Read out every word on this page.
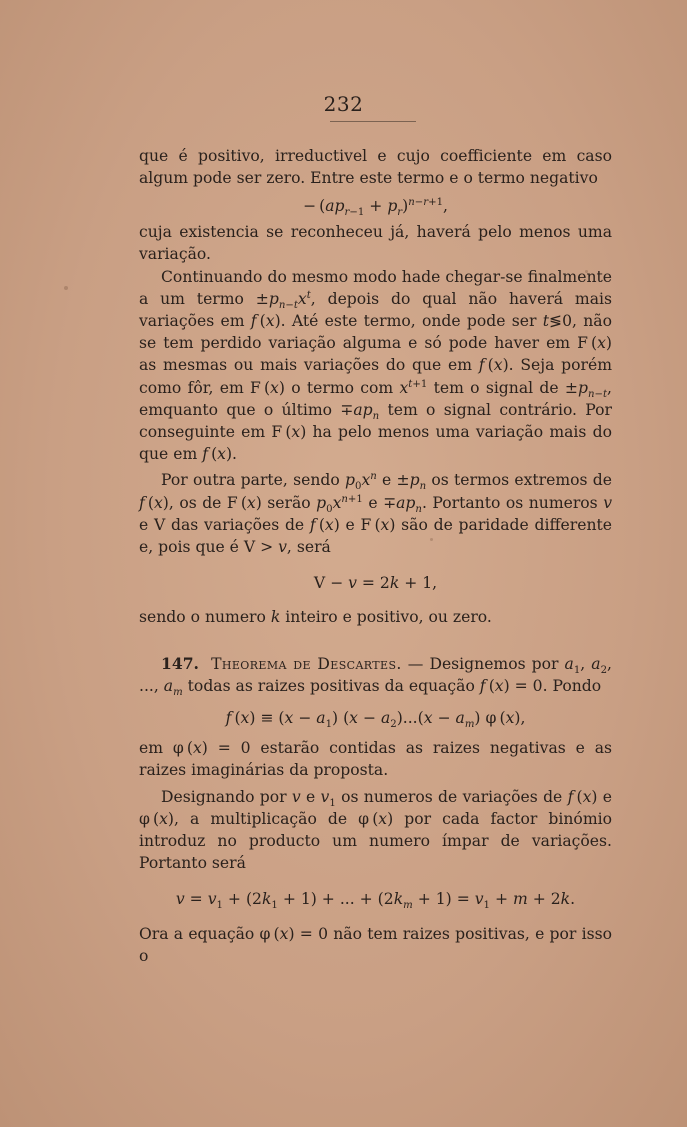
232

que é positivo, irreductivel e cujo coefficiente em caso algum pode ser zero. Entre este termo e o termo negativo

− $(ap_{r-1} + p_r)^{n-r+1}$,

cuja existencia se reconheceu já, haverá pelo menos uma variação.

Continuando do mesmo modo hade chegar-se finalmente a um termo $\pm p_{n-t}x^t$, depois do qual não haverá mais variações em f (x). Até este termo, onde pode ser t≶0, não se tem perdido variação alguma e só pode haver em F (x) as mesmas ou mais variações do que em f (x). Seja porém como fôr, em F (x) o termo com $x^{t+1}$ tem o signal de $\pm p_{n-t}$, emquanto que o último $\mp ap_n$ tem o signal contrário. Por conseguinte em F (x) ha pelo menos uma variação mais do que em f (x).

Por outra parte, sendo $p_0x^n$ $e \pm p_n$ os termos extremos de f (x), os de F (x) serão $p_0x^{n+1}$ $e \mp ap_n$. Portanto os numeros v e V das variações de f (x) e F (x) são de paridade differente e, pois que é V > v, será

V − v = 2k + 1,

sendo o numero k inteiro e positivo, ou zero.

147. Theorema de Descartes. — Designemos por $a_1$, $a_2$, ..., $a_m$ todas as raizes positivas da equação f (x) = 0. Pondo

f $(x) \equiv (x - a_1)$ $(x - a_2)...(x - a_m)$ φ (x),

em φ (x) = 0 estarão contidas as raizes negativas e as raizes imaginárias da proposta.

Designando por v e $v_1$ os numeros de variações de f (x) e φ (x), a multiplicação de φ (x) por cada factor binómio introduz no producto um numero ímpar de variações. Portanto será

$v = v_1 + (2k_1 + 1)$ + ... + $(2k_m + 1) = v_1 + m + 2k$.

Ora a equação φ (x) = 0 não tem raizes positivas, e por isso o
